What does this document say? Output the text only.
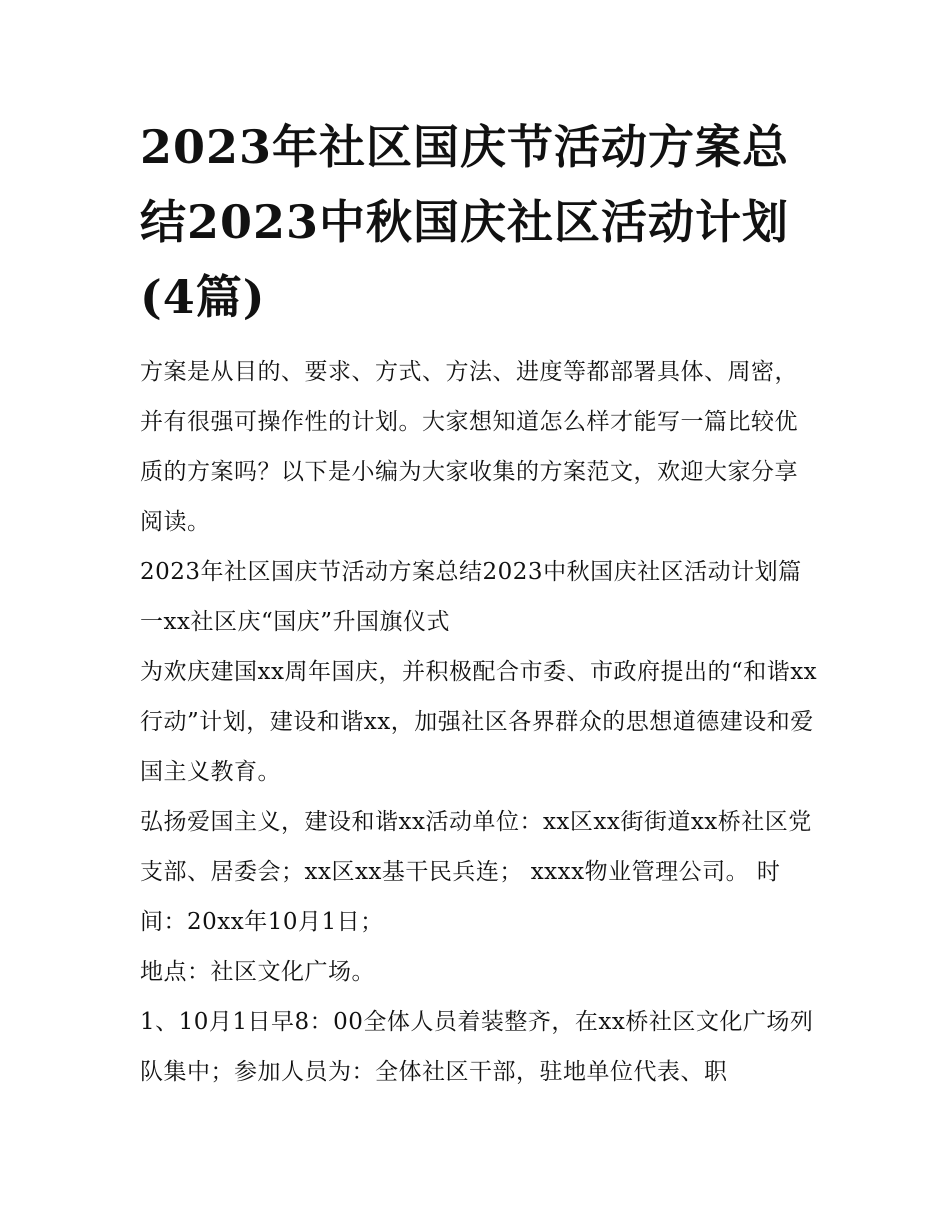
2023年社区国庆节活动方案总结2023中秋国庆社区活动计划(4篇)

方案是从目的、要求、方式、方法、进度等都部署具体、周密，并有很强可操作性的计划。大家想知道怎么样才能写一篇比较优质的方案吗？以下是小编为大家收集的方案范文，欢迎大家分享阅读。

2023年社区国庆节活动方案总结2023中秋国庆社区活动计划篇一xx社区庆“国庆”升国旗仪式

为欢庆建国xx周年国庆，并积极配合市委、市政府提出的“和谐xx行动”计划，建设和谐xx，加强社区各界群众的思想道德建设和爱国主义教育。

弘扬爱国主义，建设和谐xx活动单位：xx区xx街街道xx桥社区党支部、居委会；xx区xx基干民兵连； xxxx物业管理公司。 时间：20xx年10月1日；

地点：社区文化广场。

1、10月1日早8：00全体人员着装整齐，在xx桥社区文化广场列队集中；参加人员为：全体社区干部，驻地单位代表、职
